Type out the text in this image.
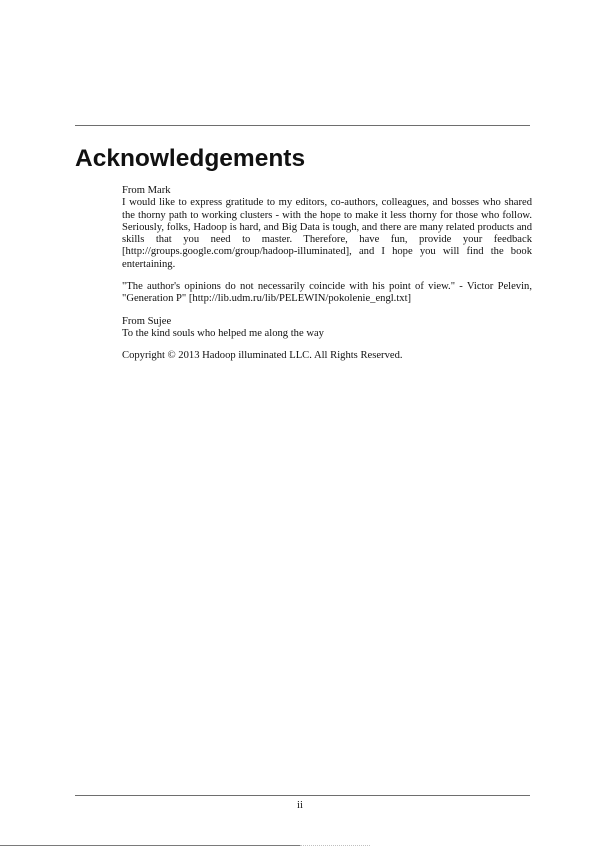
Acknowledgements

From Mark

I would like to express gratitude to my editors, co-authors, colleagues, and bosses who shared the thorny path to working clusters - with the hope to make it less thorny for those who follow. Seriously, folks, Hadoop is hard, and Big Data is tough, and there are many related products and skills that you need to master. Therefore, have fun, provide your feedback [http://groups.google.com/group/hadoop-illuminated], and I hope you will find the book entertaining.

"The author's opinions do not necessarily coincide with his point of view." - Victor Pelevin, "Generation P" [http://lib.udm.ru/lib/PELEWIN/pokolenie_engl.txt]

From Sujee

To the kind souls who helped me along the way

Copyright © 2013 Hadoop illuminated LLC. All Rights Reserved.

ii
